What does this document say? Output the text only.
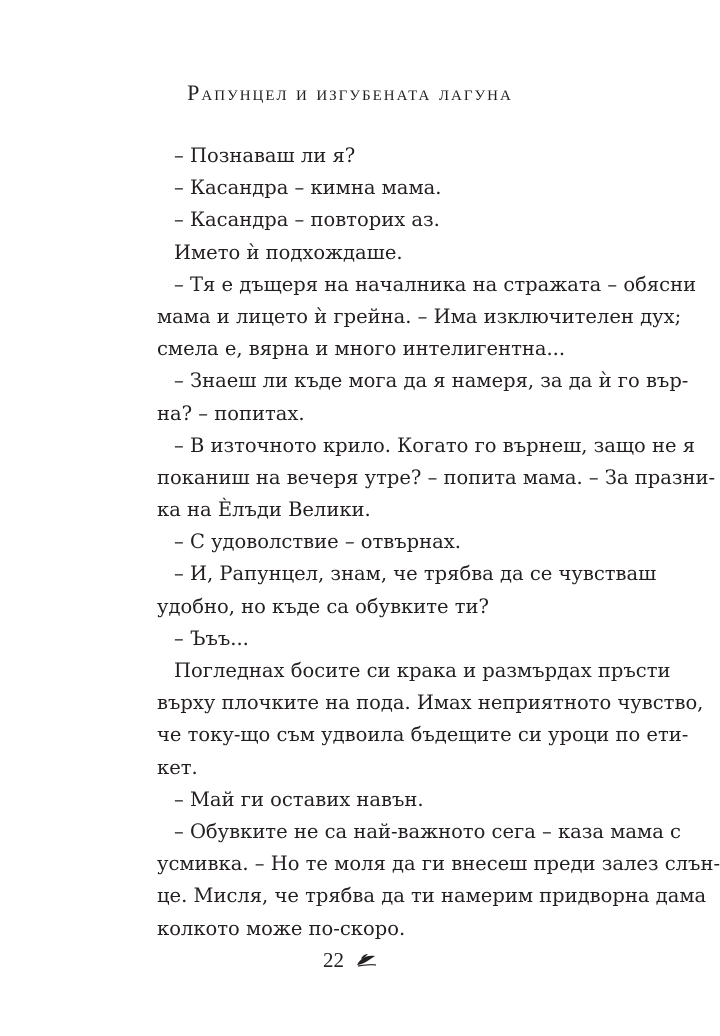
Рапунцел и изгубената лагуна
– Познаваш ли я?
– Касандра – кимна мама.
– Касандра – повторих аз.
Името ѝ подхождаше.
– Тя е дъщеря на началника на стражата – обясни
мама и лицето ѝ грейна. – Има изключителен дух;
смела е, вярна и много интелигентна...
– Знаеш ли къде мога да я намеря, за да ѝ го вър-
на? – попитах.
– В източното крило. Когато го върнеш, защо не я
поканиш на вечеря утре? – попита мама. – За празни-
ка на Ѐлъди Велики.
– С удоволствие – отвърнах.
– И, Рапунцел, знам, че трябва да се чувстваш
удобно, но къде са обувките ти?
– Ъъъ...
Погледнах босите си крака и размърдах пръсти
върху плочките на пода. Имах неприятното чувство,
че току-що съм удвоила бъдещите си уроци по ети-
кет.
– Май ги оставих навън.
– Обувките не са най-важното сега – каза мама с
усмивка. – Но те моля да ги внесеш преди залез слън-
це. Мисля, че трябва да ти намерим придворна дама
колкото може по-скоро.
22
